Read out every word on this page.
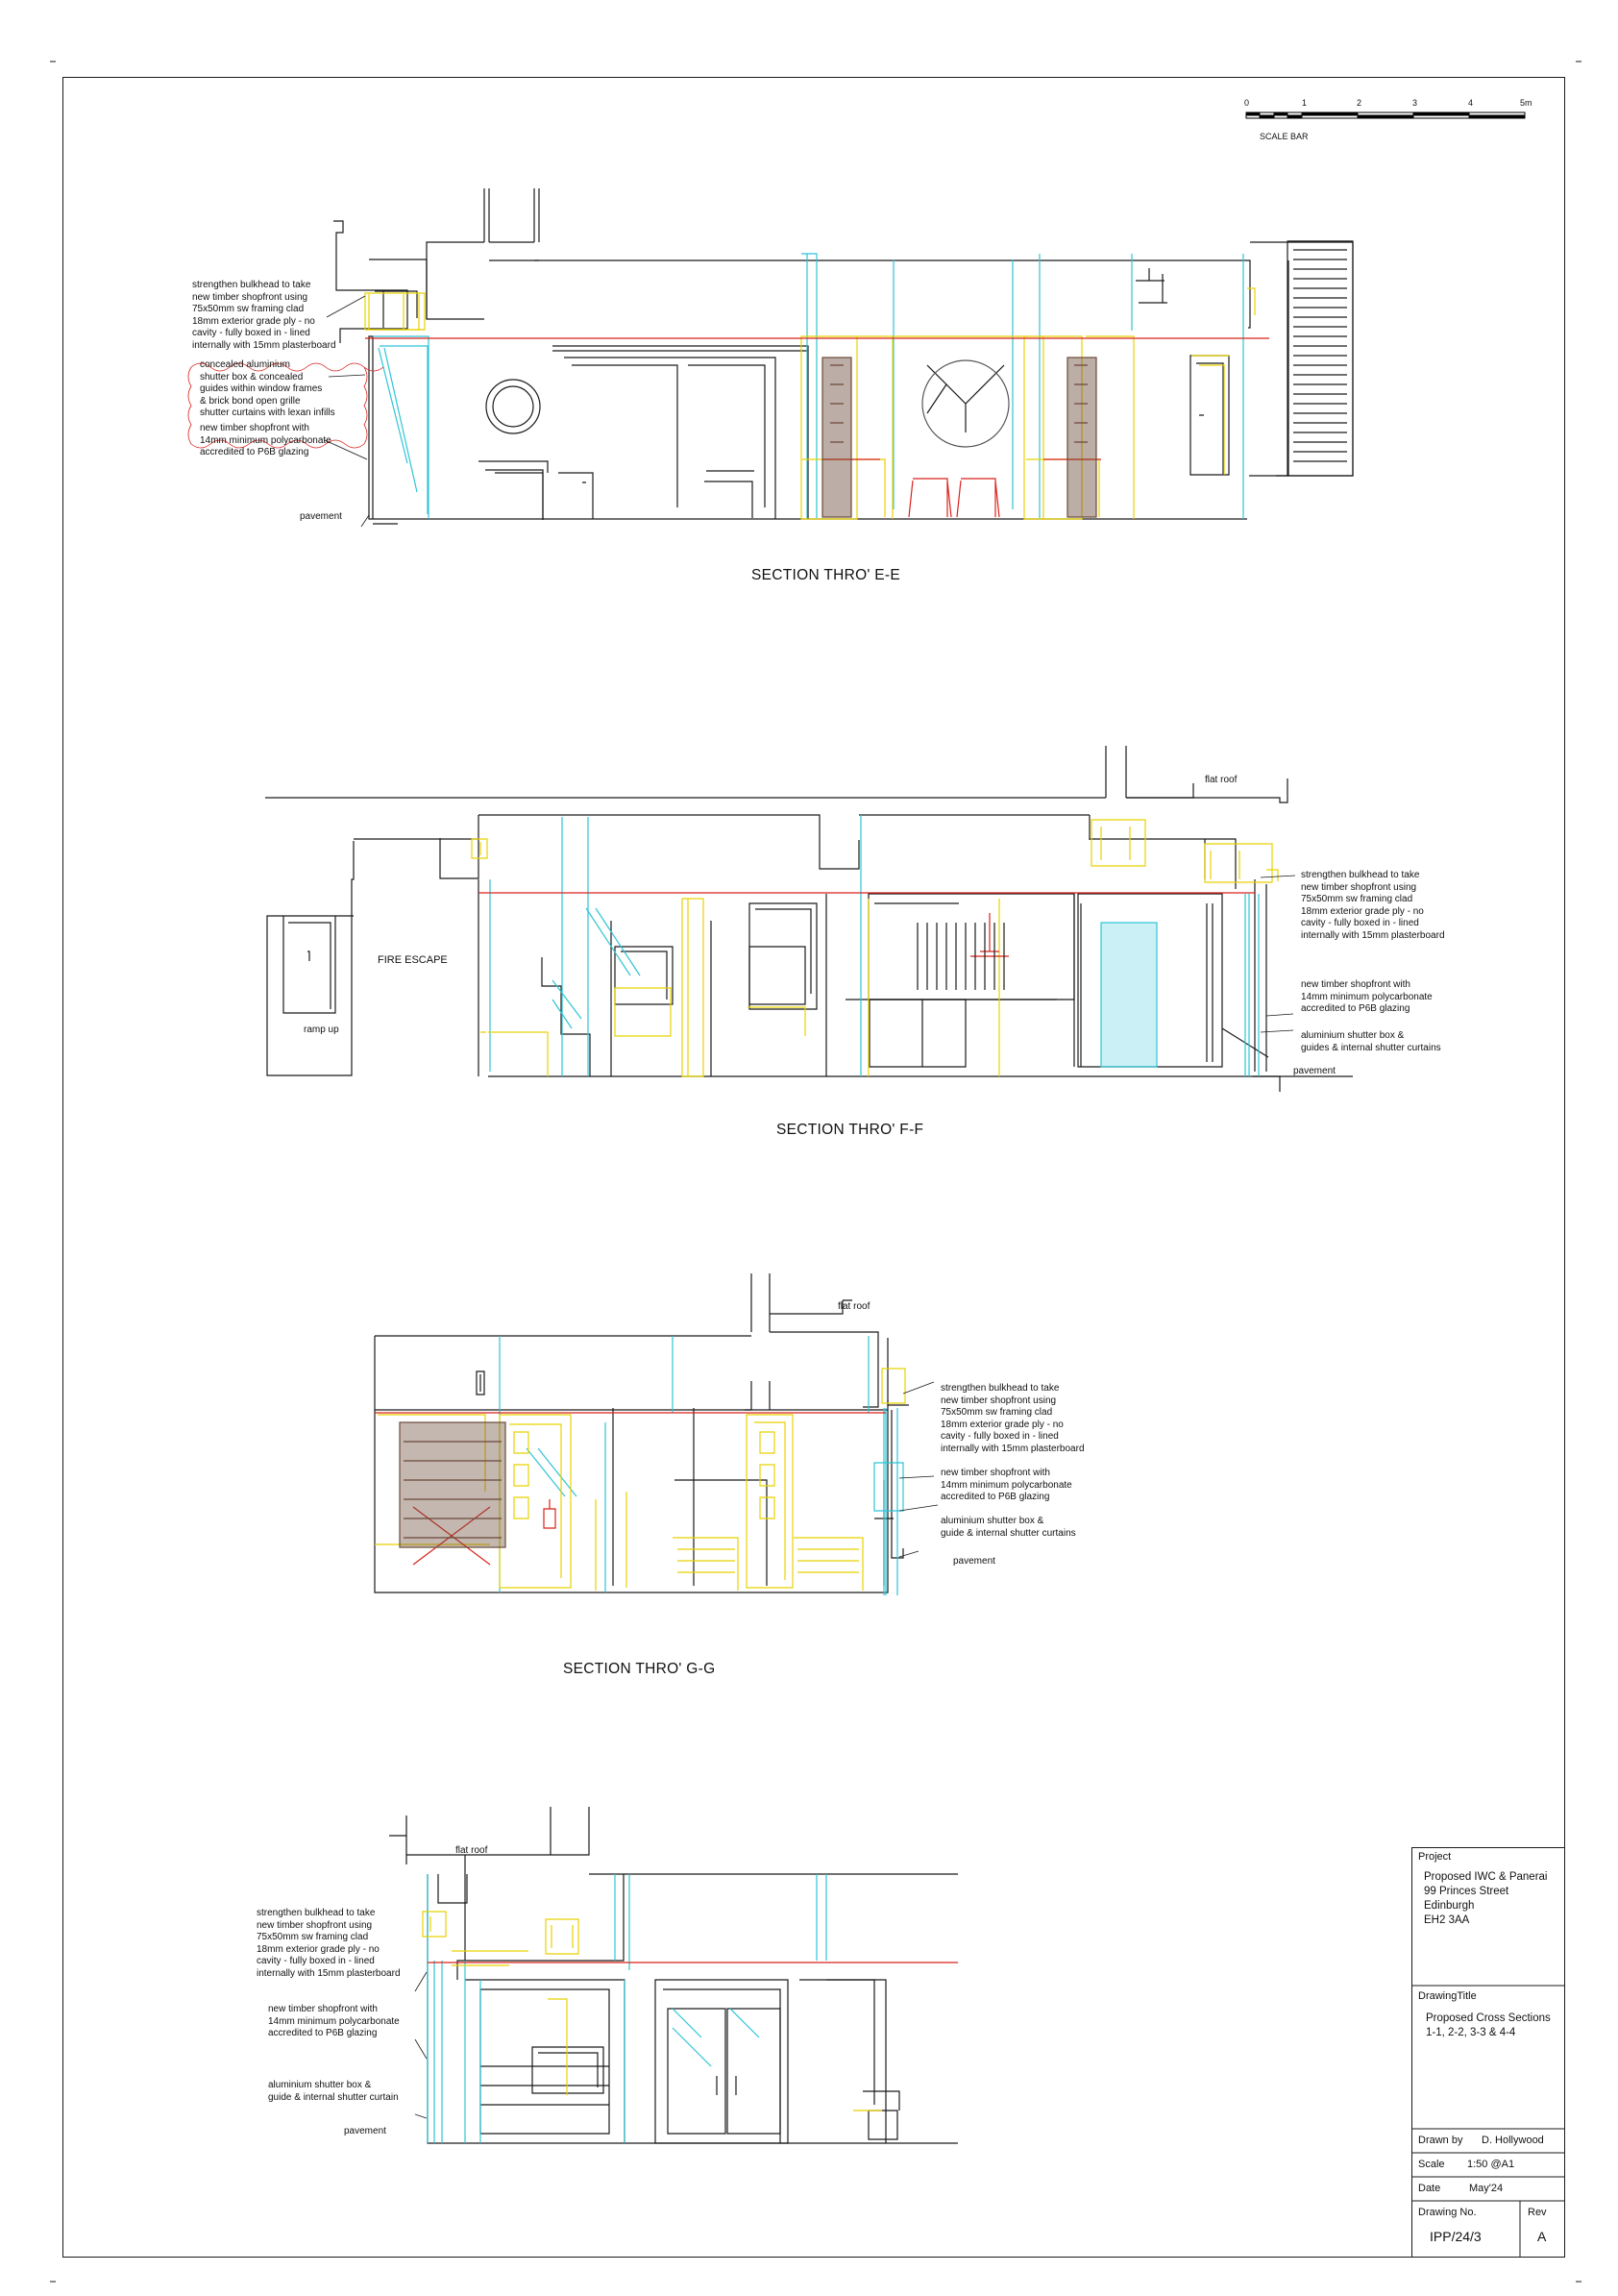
0	1	2	3	4	5m
SCALE BAR
strengthen bulkhead to take
new timber shopfront using
75x50mm sw framing clad
18mm exterior grade ply - no
cavity - fully boxed in - lined
internally with 15mm plasterboard
concealed aluminium
shutter box & concealed
guides within window frames
& brick bond open grille
shutter curtains with lexan infills
new timber shopfront with
14mm minimum polycarbonate
accredited to P6B glazing
pavement
SECTION THRO' E-E
flat roof
FIRE ESCAPE
ramp up
strengthen bulkhead to take
new timber shopfront using
75x50mm sw framing clad
18mm exterior grade ply - no
cavity - fully boxed in - lined
internally with 15mm plasterboard
new timber shopfront with
14mm minimum polycarbonate
accredited to P6B glazing
aluminium shutter box &
guides & internal shutter curtains
pavement
SECTION THRO' F-F
flat roof
strengthen bulkhead to take
new timber shopfront using
75x50mm sw framing clad
18mm exterior grade ply - no
cavity - fully boxed in - lined
internally with 15mm plasterboard
new timber shopfront with
14mm minimum polycarbonate
accredited to P6B glazing
aluminium shutter box &
guide & internal shutter curtains
pavement
SECTION THRO' G-G
flat roof
strengthen bulkhead to take
new timber shopfront using
75x50mm sw framing clad
18mm exterior grade ply - no
cavity - fully boxed in - lined
internally with 15mm plasterboard
new timber shopfront with
14mm minimum polycarbonate
accredited to P6B glazing
aluminium shutter box &
guide & internal shutter curtain
pavement
Project
Proposed IWC & Panerai
99 Princes Street
Edinburgh
EH2 3AA
DrawingTitle
Proposed Cross Sections
1-1, 2-2, 3-3 & 4-4
Drawn by D. Hollywood
Scale 1:50 @A1
Date	May'24
Drawing No.
IPP/24/3
Rev
A
